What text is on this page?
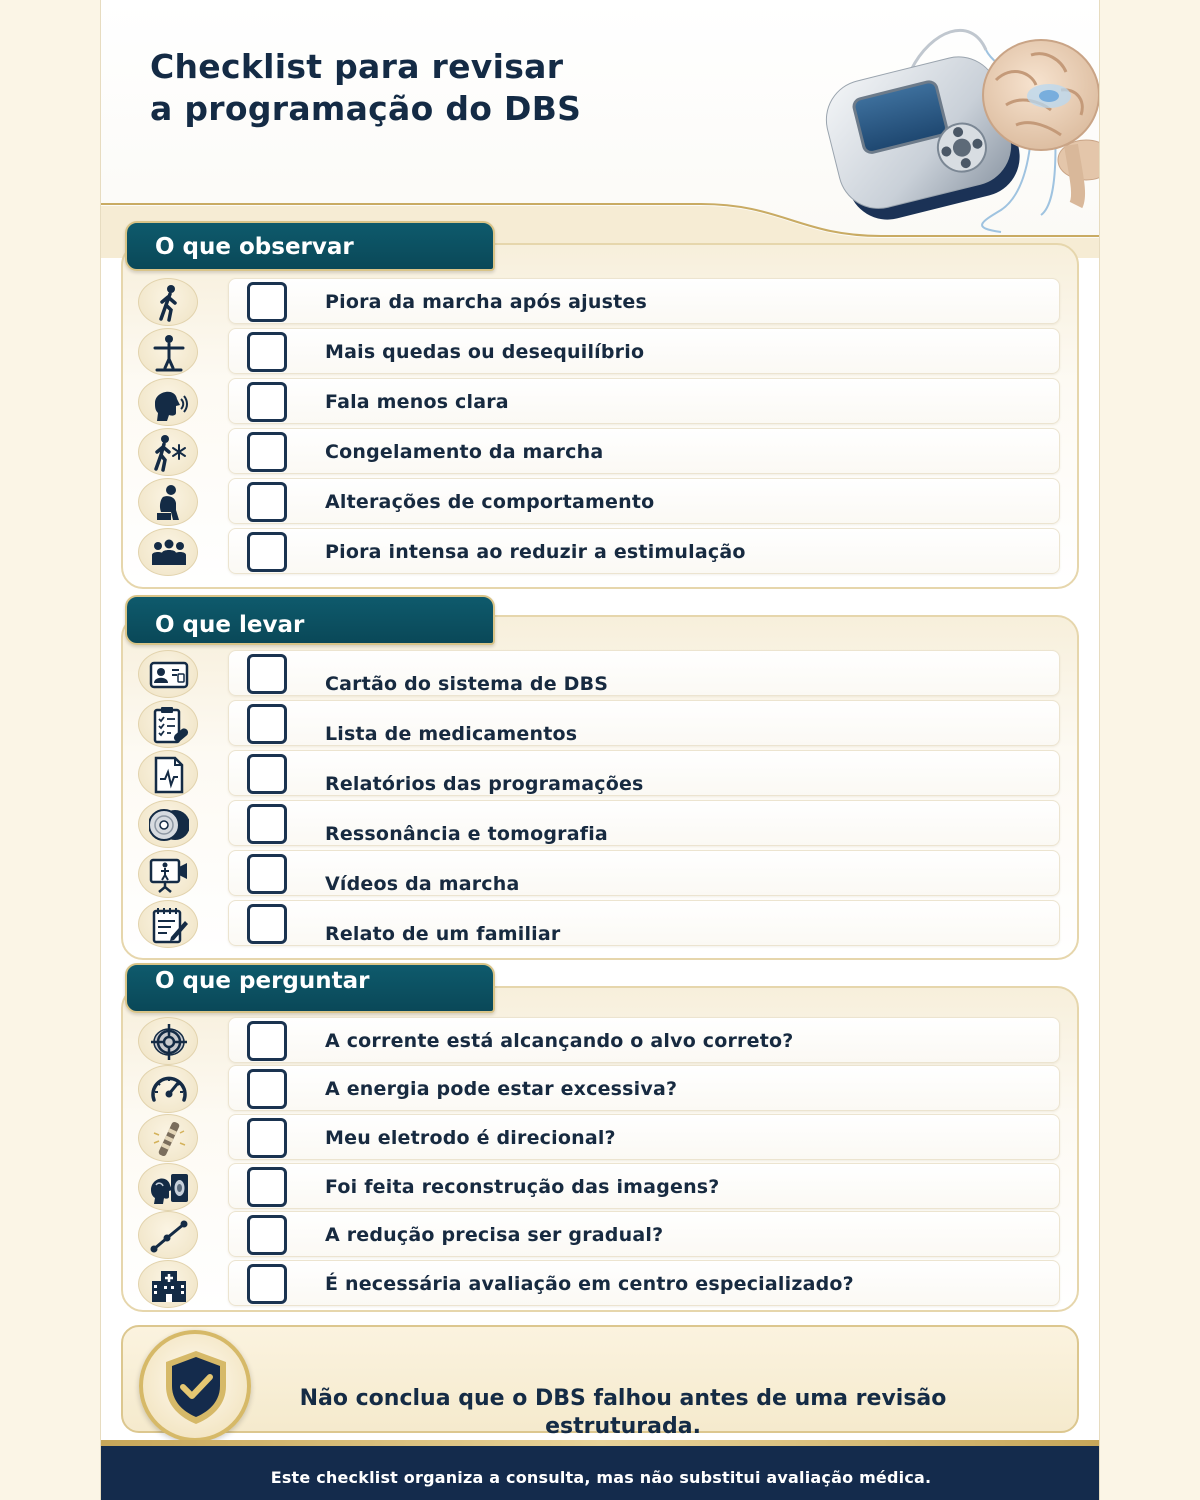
Checklist para revisar
a programação do DBS
O que observar
Piora da marcha após ajustes
Mais quedas ou desequilíbrio
Fala menos clara
Congelamento da marcha
Alterações de comportamento
Piora intensa ao reduzir a estimulação
O que levar
Cartão do sistema de DBS
Lista de medicamentos
Relatórios das programações
Ressonância e tomografia
Vídeos da marcha
Relato de um familiar
O que perguntar
A corrente está alcançando o alvo correto?
A energia pode estar excessiva?
Meu eletrodo é direcional?
Foi feita reconstrução das imagens?
A redução precisa ser gradual?
É necessária avaliação em centro especializado?
Não conclua que o DBS falhou antes de uma revisão estruturada.
Este checklist organiza a consulta, mas não substitui avaliação médica.
